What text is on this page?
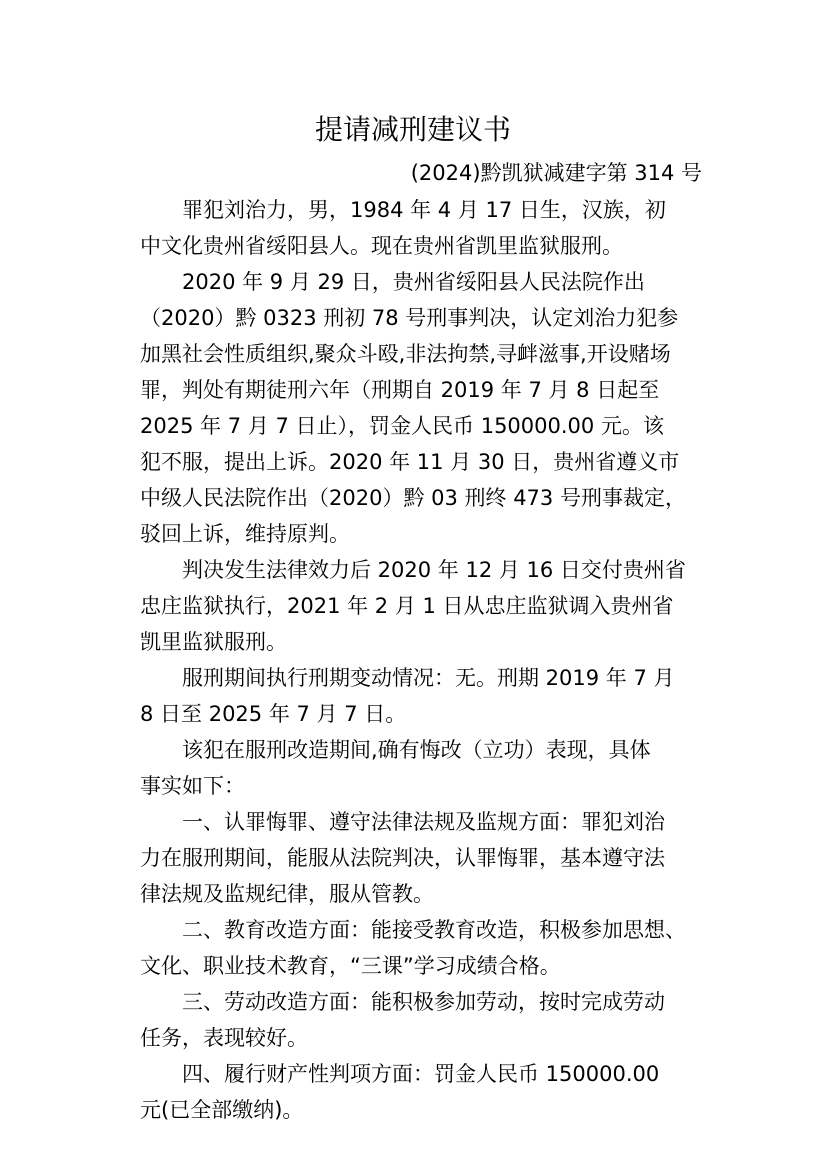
提请减刑建议书
(2024)黔凯狱减建字第 314 号
罪犯刘治力，男，1984 年 4 月 17 日生，汉族，初
中文化贵州省绥阳县人。现在贵州省凯里监狱服刑。
2020 年 9 月 29 日，贵州省绥阳县人民法院作出
（2020）黔 0323 刑初 78 号刑事判决，认定刘治力犯参
加黑社会性质组织,聚众斗殴,非法拘禁,寻衅滋事,开设赌场
罪，判处有期徒刑六年（刑期自 2019 年 7 月 8 日起至
2025 年 7 月 7 日止），罚金人民币 150000.00 元。该
犯不服，提出上诉。2020 年 11 月 30 日，贵州省遵义市
中级人民法院作出（2020）黔 03 刑终 473 号刑事裁定，
驳回上诉，维持原判。
判决发生法律效力后 2020 年 12 月 16 日交付贵州省
忠庄监狱执行，2021 年 2 月 1 日从忠庄监狱调入贵州省
凯里监狱服刑。
服刑期间执行刑期变动情况：无。刑期 2019 年 7 月
8 日至 2025 年 7 月 7 日。
该犯在服刑改造期间,确有悔改（立功）表现，具体
事实如下：
一、认罪悔罪、遵守法律法规及监规方面：罪犯刘治
力在服刑期间，能服从法院判决，认罪悔罪，基本遵守法
律法规及监规纪律，服从管教。
二、教育改造方面：能接受教育改造，积极参加思想、
文化、职业技术教育，“三课”学习成绩合格。
三、劳动改造方面：能积极参加劳动，按时完成劳动
任务，表现较好。
四、履行财产性判项方面：罚金人民币 150000.00
元(已全部缴纳)。
